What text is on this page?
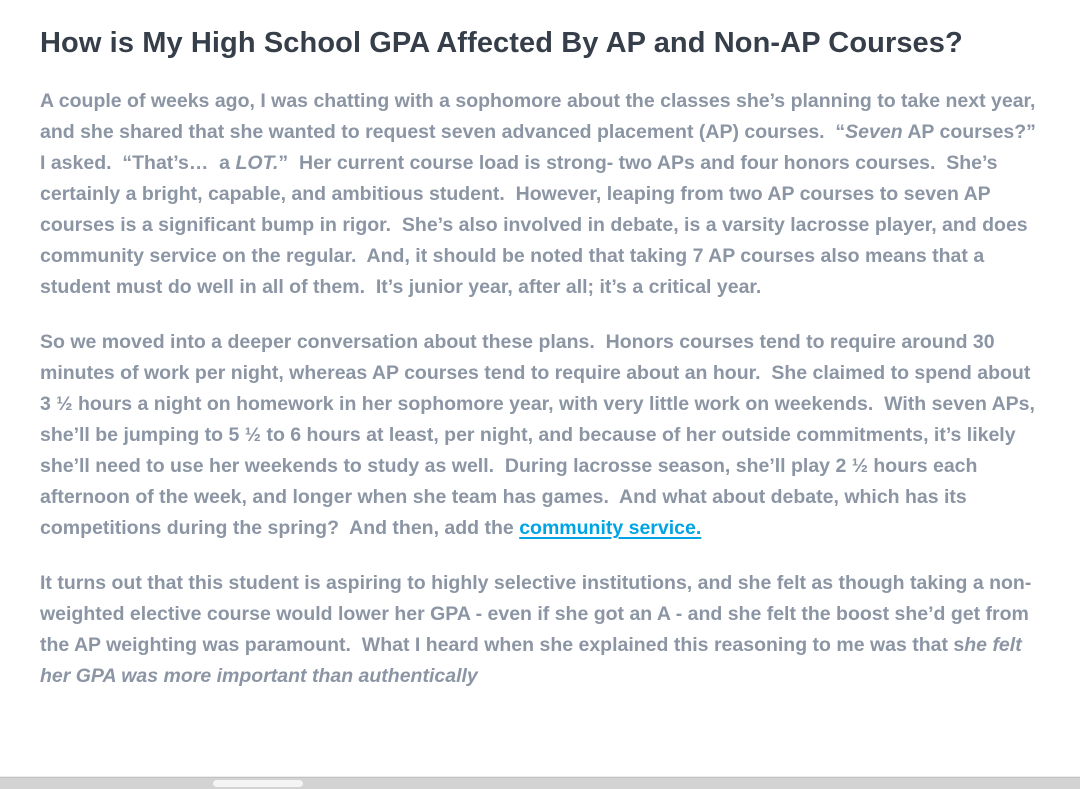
How is My High School GPA Affected By AP and Non-AP Courses?

A couple of weeks ago, I was chatting with a sophomore about the classes she’s planning to take next year, and she shared that she wanted to request seven advanced placement (AP) courses.  “Seven AP courses?” I asked.  “That’s…  a LOT.”  Her current course load is strong- two APs and four honors courses.  She’s certainly a bright, capable, and ambitious student.  However, leaping from two AP courses to seven AP courses is a significant bump in rigor.  She’s also involved in debate, is a varsity lacrosse player, and does community service on the regular.  And, it should be noted that taking 7 AP courses also means that a student must do well in all of them.  It’s junior year, after all; it’s a critical year.

So we moved into a deeper conversation about these plans.  Honors courses tend to require around 30 minutes of work per night, whereas AP courses tend to require about an hour.  She claimed to spend about 3 ½ hours a night on homework in her sophomore year, with very little work on weekends.  With seven APs, she’ll be jumping to 5 ½ to 6 hours at least, per night, and because of her outside commitments, it’s likely she’ll need to use her weekends to study as well.  During lacrosse season, she’ll play 2 ½ hours each afternoon of the week, and longer when she team has games.  And what about debate, which has its competitions during the spring?  And then, add the community service.

It turns out that this student is aspiring to highly selective institutions, and she felt as though taking a non-weighted elective course would lower her GPA - even if she got an A - and she felt the boost she’d get from the AP weighting was paramount.  What I heard when she explained this reasoning to me was that she felt her GPA was more important than authentically
